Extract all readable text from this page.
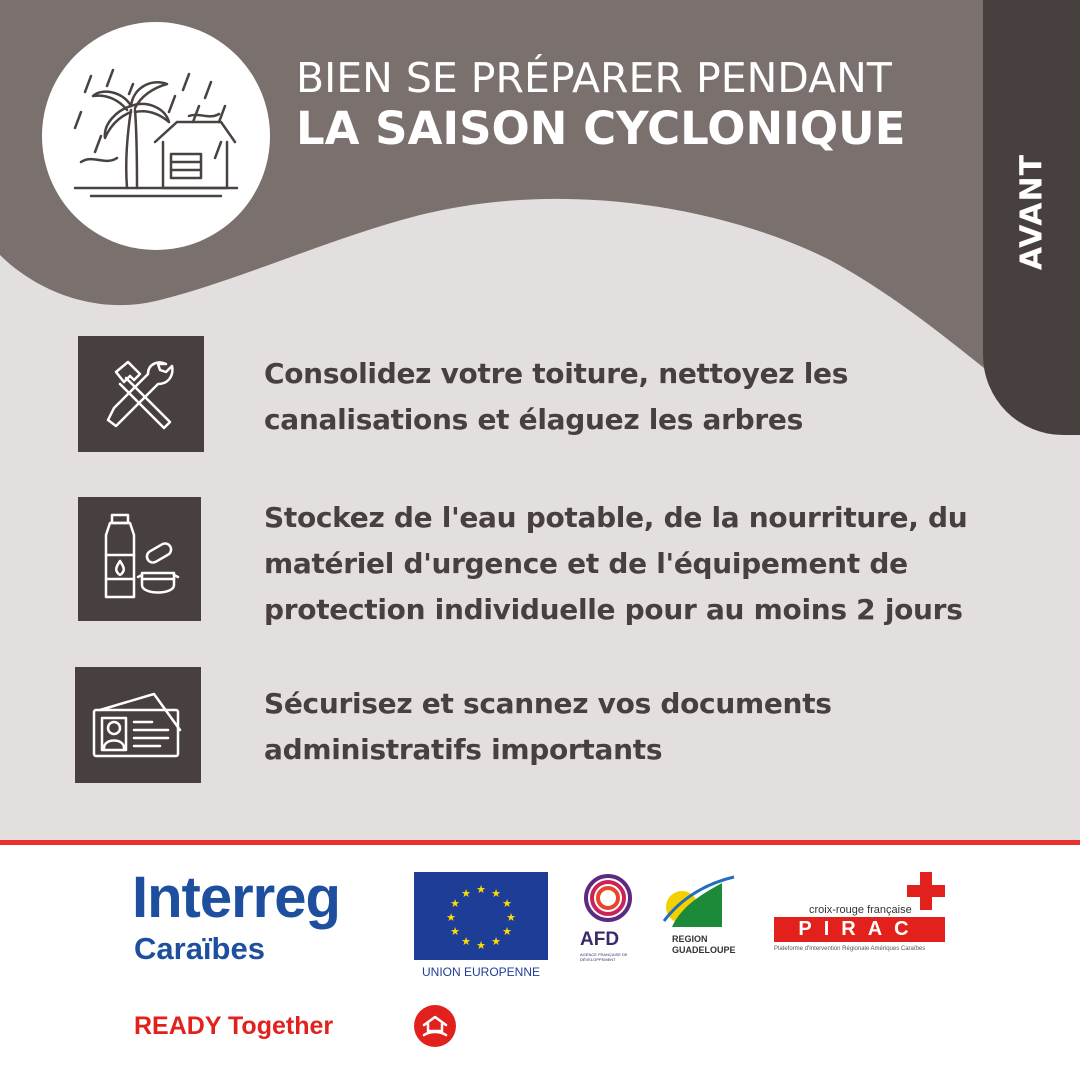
BIEN SE PRÉPARER PENDANT
LA SAISON CYCLONIQUE
AVANT
Consolidez votre toiture, nettoyez les
canalisations et élaguez les arbres
Stockez de l'eau potable, de la nourriture, du
matériel d'urgence et de l'équipement de
protection individuelle pour au moins 2 jours
Sécurisez et scannez vos documents
administratifs importants
Interreg
Caraïbes
★ ★
★
★
★
★
★
★
★
★
★
★
UNION EUROPENNE
AFD
AGENCE FRANÇAISE DE DÉVELOPPEMENT
REGION
GUADELOUPE
croix-rouge française
PIRAC
Plateforme d'Intervention Régionale Amériques Caraïbes
READY Together
